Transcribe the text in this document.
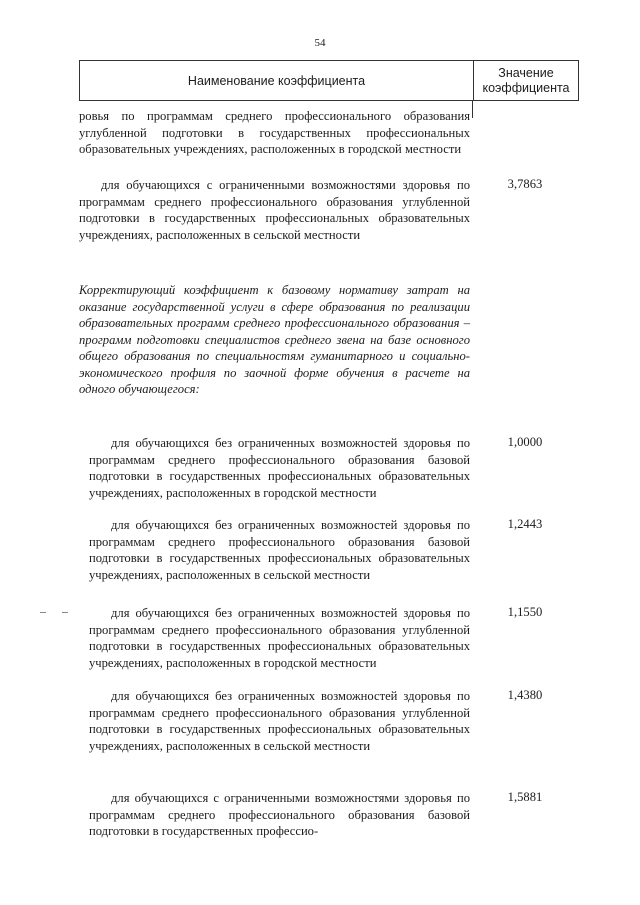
54
Наименование коэффициента
Значение
коэффициента

ровья по программам среднего профессионального образования углубленной подготовки в государственных профессиональных образовательных учреждениях, расположенных в городской местности

для обучающихся с ограниченными возможностями здоровья по программам среднего профессионального образования углубленной подготовки в государственных профессиональных образовательных учреждениях, расположенных в сельской местности

3,7863

Корректирующий коэффициент к базовому нормативу затрат на оказание государственной услуги в сфере образования по реализации образовательных программ среднего профессионального образования – программ подготовки специалистов среднего звена на базе основного общего образования по специальностям гуманитарного и социально-экономического профиля по заочной форме обучения в расчете на одного обучающегося:

для обучающихся без ограниченных возможностей здоровья по программам среднего профессионального образования базовой подготовки в государственных профессиональных образовательных учреждениях, расположенных в городской местности

1,0000

для обучающихся без ограниченных возможностей здоровья по программам среднего профессионального образования базовой подготовки в государственных профессиональных образовательных учреждениях, расположенных в сельской местности

1,2443

для обучающихся без ограниченных возможностей здоровья по программам среднего профессионального образования углубленной подготовки в государственных профессиональных образовательных учреждениях, расположенных в городской местности

1,1550

для обучающихся без ограниченных возможностей здоровья по программам среднего профессионального образования углубленной подготовки в государственных профессиональных образовательных учреждениях, расположенных в сельской местности

1,4380

для обучающихся с ограниченными возможностями здоровья по программам среднего профессионального образования базовой подготовки в государственных профессио-

1,5881
